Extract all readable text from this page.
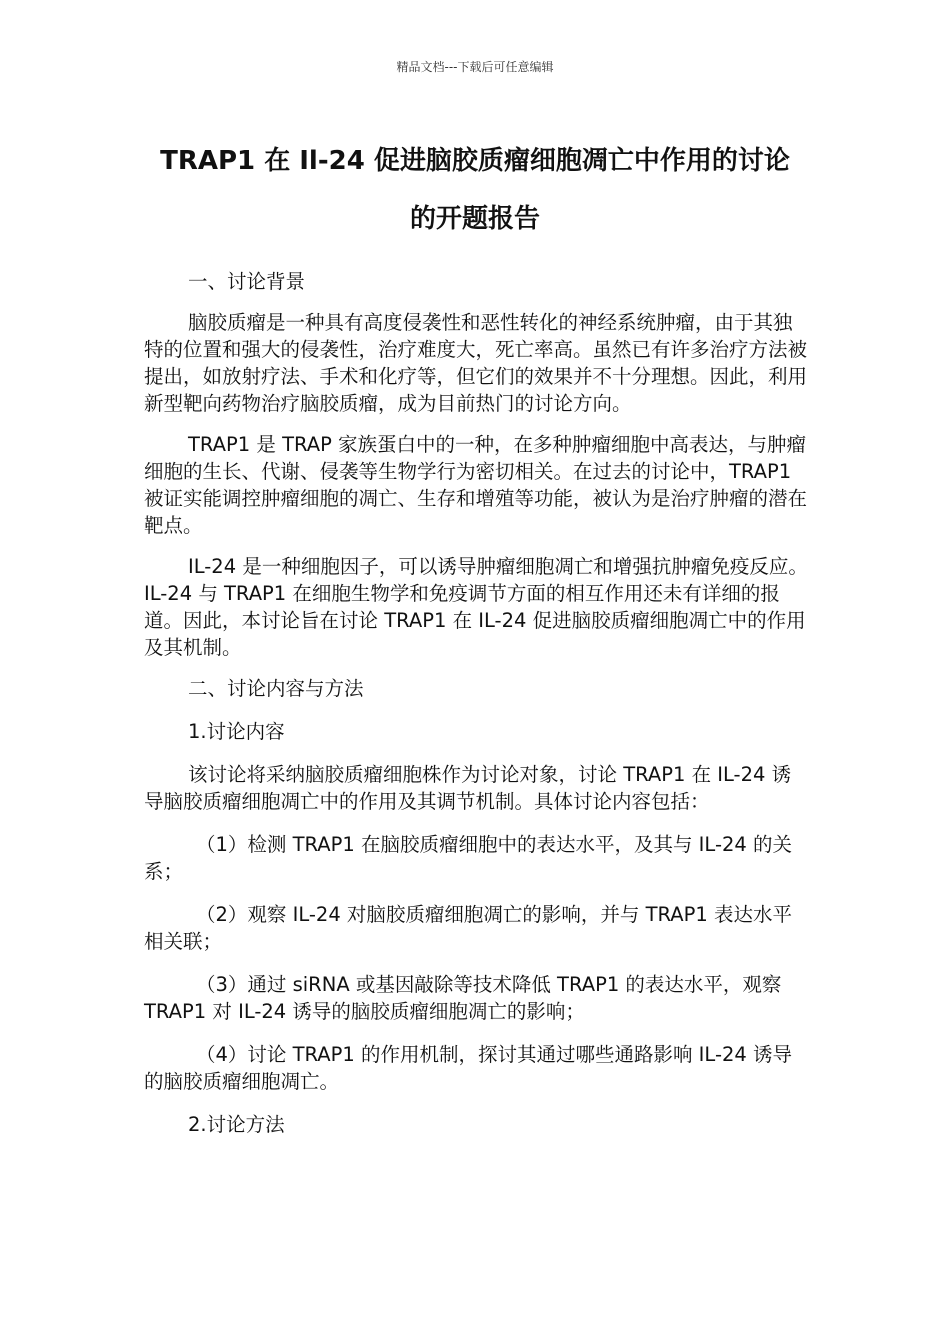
精品文档---下载后可任意编辑
TRAP1 在 Il-24 促进脑胶质瘤细胞凋亡中作用的讨论
的开题报告

一、讨论背景

脑胶质瘤是一种具有高度侵袭性和恶性转化的神经系统肿瘤，由于其独特的位置和强大的侵袭性，治疗难度大，死亡率高。虽然已有许多治疗方法被提出，如放射疗法、手术和化疗等，但它们的效果并不十分理想。因此，利用新型靶向药物治疗脑胶质瘤，成为目前热门的讨论方向。

TRAP1 是 TRAP 家族蛋白中的一种，在多种肿瘤细胞中高表达，与肿瘤细胞的生长、代谢、侵袭等生物学行为密切相关。在过去的讨论中，TRAP1 被证实能调控肿瘤细胞的凋亡、生存和增殖等功能，被认为是治疗肿瘤的潜在靶点。

IL-24 是一种细胞因子，可以诱导肿瘤细胞凋亡和增强抗肿瘤免疫反应。IL-24 与 TRAP1 在细胞生物学和免疫调节方面的相互作用还未有详细的报道。因此，本讨论旨在讨论 TRAP1 在 IL-24 促进脑胶质瘤细胞凋亡中的作用及其机制。

二、讨论内容与方法

1.讨论内容

该讨论将采纳脑胶质瘤细胞株作为讨论对象，讨论 TRAP1 在 IL-24 诱导脑胶质瘤细胞凋亡中的作用及其调节机制。具体讨论内容包括：

（1）检测 TRAP1 在脑胶质瘤细胞中的表达水平，及其与 IL-24 的关系；

（2）观察 IL-24 对脑胶质瘤细胞凋亡的影响，并与 TRAP1 表达水平相关联；

（3）通过 siRNA 或基因敲除等技术降低 TRAP1 的表达水平，观察 TRAP1 对 IL-24 诱导的脑胶质瘤细胞凋亡的影响；

（4）讨论 TRAP1 的作用机制，探讨其通过哪些通路影响 IL-24 诱导的脑胶质瘤细胞凋亡。

2.讨论方法
